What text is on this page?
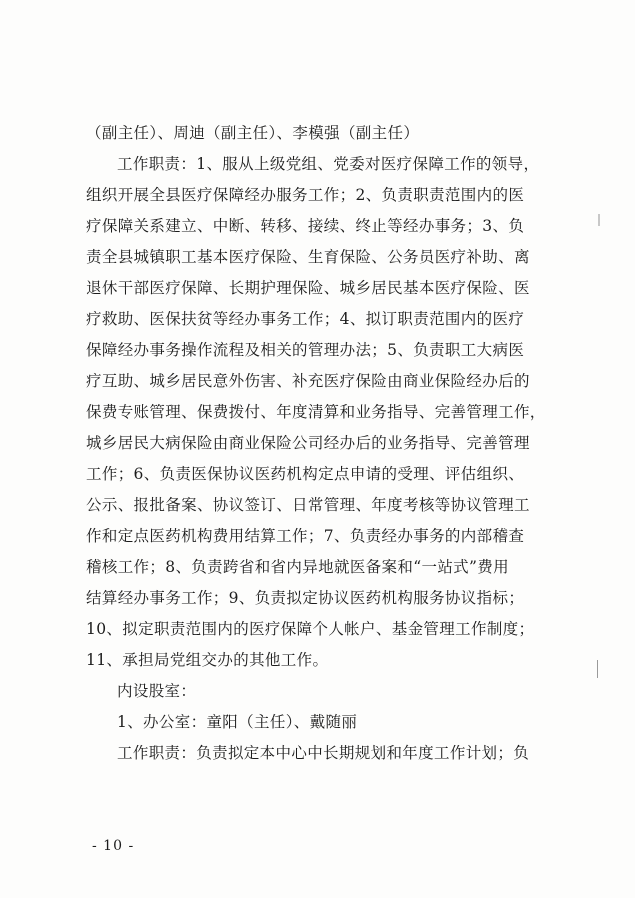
（副主任）、周迪（副主任）、李模强（副主任）
工作职责：1、服从上级党组、党委对医疗保障工作的领导，
组织开展全县医疗保障经办服务工作；2、负责职责范围内的医
疗保障关系建立、中断、转移、接续、终止等经办事务；3、负
责全县城镇职工基本医疗保险、生育保险、公务员医疗补助、离
退休干部医疗保障、长期护理保险、城乡居民基本医疗保险、医
疗救助、医保扶贫等经办事务工作；4、拟订职责范围内的医疗
保障经办事务操作流程及相关的管理办法；5、负责职工大病医
疗互助、城乡居民意外伤害、补充医疗保险由商业保险经办后的
保费专账管理、保费拨付、年度清算和业务指导、完善管理工作，
城乡居民大病保险由商业保险公司经办后的业务指导、完善管理
工作；6、负责医保协议医药机构定点申请的受理、评估组织、
公示、报批备案、协议签订、日常管理、年度考核等协议管理工
作和定点医药机构费用结算工作；7、负责经办事务的内部稽查
稽核工作；8、负责跨省和省内异地就医备案和“一站式”费用
结算经办事务工作；9、负责拟定协议医药机构服务协议指标；
10、拟定职责范围内的医疗保障个人帐户、基金管理工作制度；
11、承担局党组交办的其他工作。
内设股室：
1、办公室：童阳（主任）、戴随丽
工作职责：负责拟定本中心中长期规划和年度工作计划；负
- 10 -
